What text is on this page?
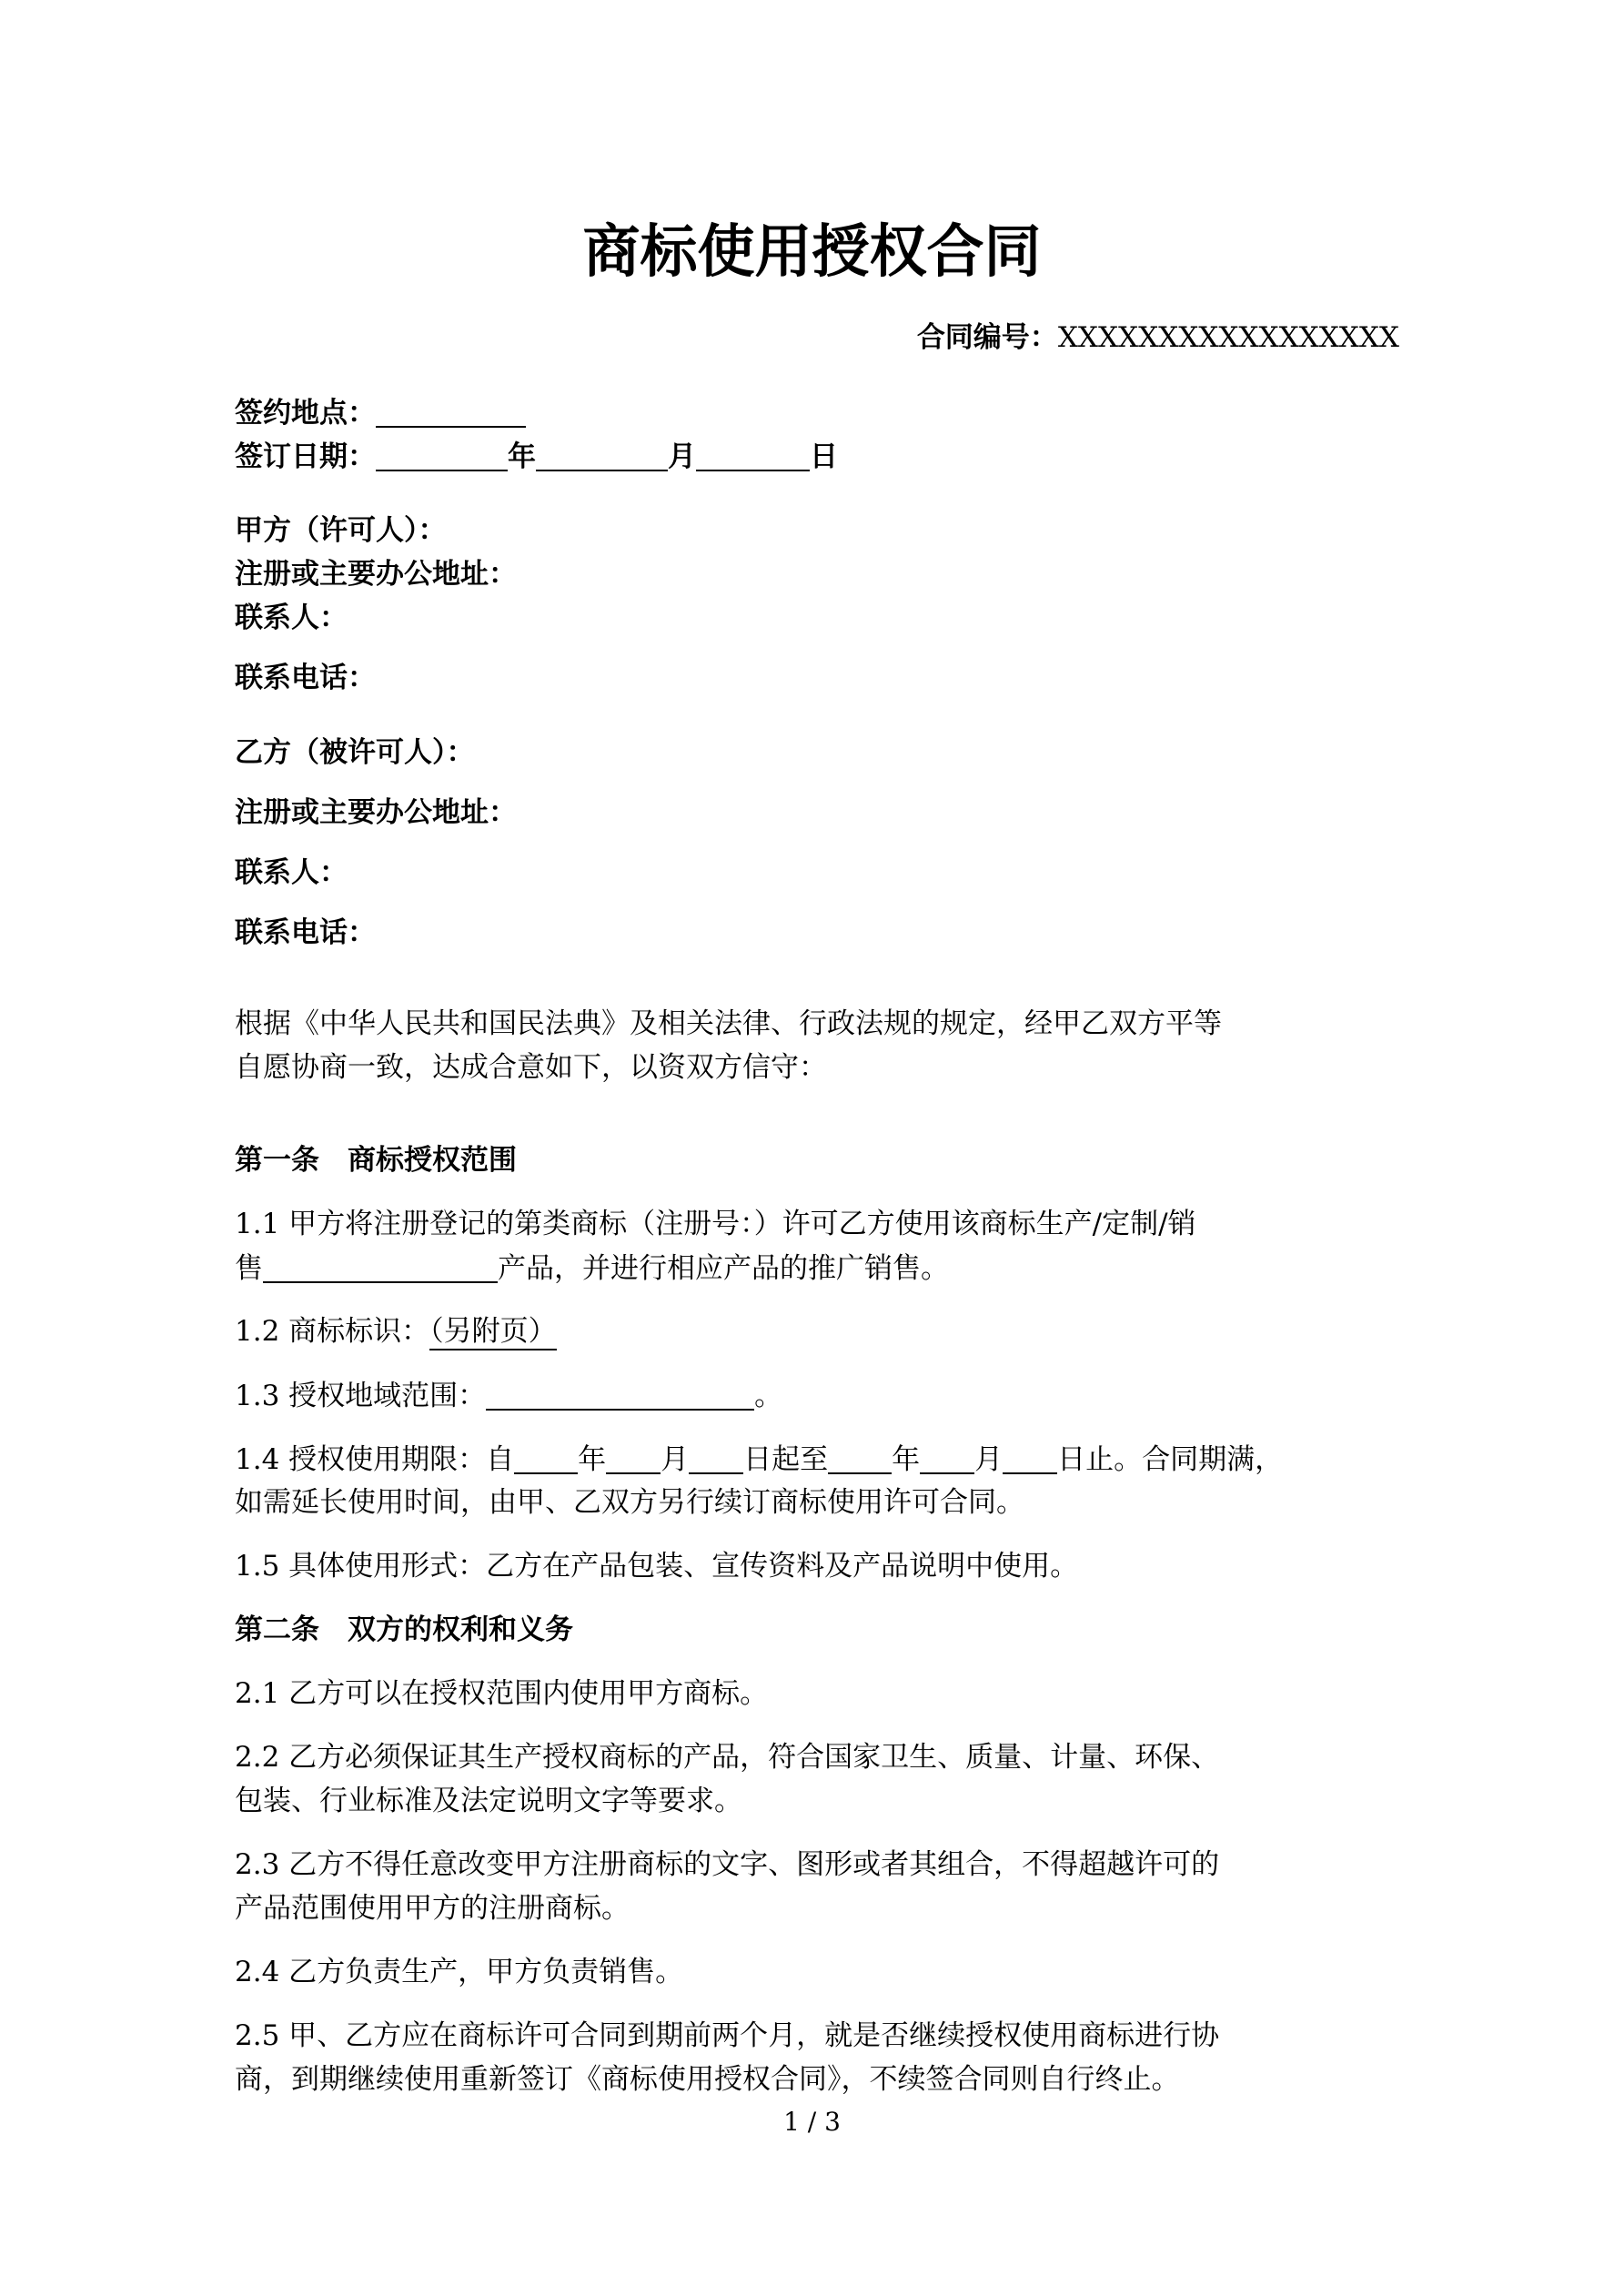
商标使用授权合同
合同编号：XXXXXXXXXXXXXXXXX
签约地点：
签订日期：	年	月	日
甲方（许可人）：
注册或主要办公地址：
联系人：
联系电话：
乙方（被许可人）：
注册或主要办公地址：
联系人：
联系电话：
根据《中华人民共和国民法典》及相关法律、行政法规的规定，经甲乙双方平等
自愿协商一致，达成合意如下，以资双方信守：
第一条　商标授权范围
1.1 甲方将注册登记的第类商标（注册号：）许可乙方使用该商标生产/定制/销
售	产品，并进行相应产品的推广销售。
1.2 商标标识：（另附页）
1.3 授权地域范围：	。
1.4 授权使用期限：自 年 月 日起至 年 月 日止。合同期满，
如需延长使用时间，由甲、乙双方另行续订商标使用许可合同。
1.5 具体使用形式：乙方在产品包装、宣传资料及产品说明中使用。
第二条　双方的权利和义务
2.1 乙方可以在授权范围内使用甲方商标。
2.2 乙方必须保证其生产授权商标的产品，符合国家卫生、质量、计量、环保、
包装、行业标准及法定说明文字等要求。
2.3 乙方不得任意改变甲方注册商标的文字、图形或者其组合，不得超越许可的
产品范围使用甲方的注册商标。
2.4 乙方负责生产，甲方负责销售。
2.5 甲、乙方应在商标许可合同到期前两个月，就是否继续授权使用商标进行协
商，到期继续使用重新签订《商标使用授权合同》，不续签合同则自行终止。
1 / 3
